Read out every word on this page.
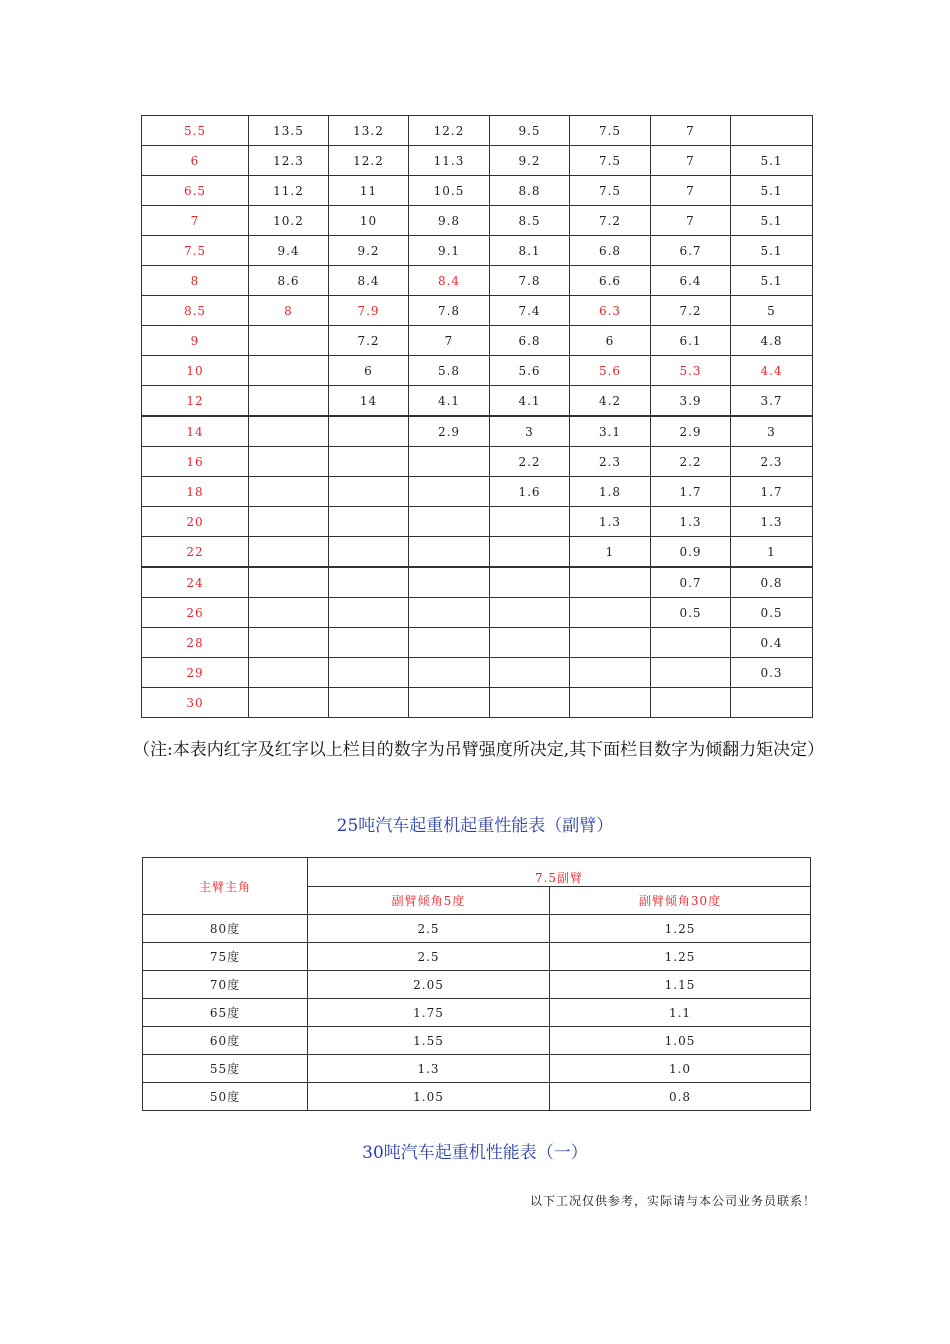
5.5	13.5	13.2	12.2	9.5	7.5	7	
6	12.3	12.2	11.3	9.2	7.5	7	5.1
6.5	11.2	11	10.5	8.8	7.5	7	5.1
7	10.2	10	9.8	8.5	7.2	7	5.1
7.5	9.4	9.2	9.1	8.1	6.8	6.7	5.1
8	8.6	8.4	8.4	7.8	6.6	6.4	5.1
8.5	8	7.9	7.8	7.4	6.3	7.2	5
9		7.2	7	6.8	6	6.1	4.8
10		6	5.8	5.6	5.6	5.3	4.4
12		14	4.1	4.1	4.2	3.9	3.7
14			2.9	3	3.1	2.9	3
16				2.2	2.3	2.2	2.3
18				1.6	1.8	1.7	1.7
20					1.3	1.3	1.3
22					1	0.9	1
24						0.7	0.8
26						0.5	0.5
28							0.4
29							0.3
30							
（注:本表内红字及红字以上栏目的数字为吊臂强度所决定,其下面栏目数字为倾翻力矩决定）
25吨汽车起重机起重性能表（副臂）
主臂主角	7.5副臂	
	副臂倾角5度	副臂倾角30度
80度	2.5	1.25
75度	2.5	1.25
70度	2.05	1.15
65度	1.75	1.1
60度	1.55	1.05
55度	1.3	1.0
50度	1.05	0.8
30吨汽车起重机性能表（一）
以下工况仅供参考，实际请与本公司业务员联系！
